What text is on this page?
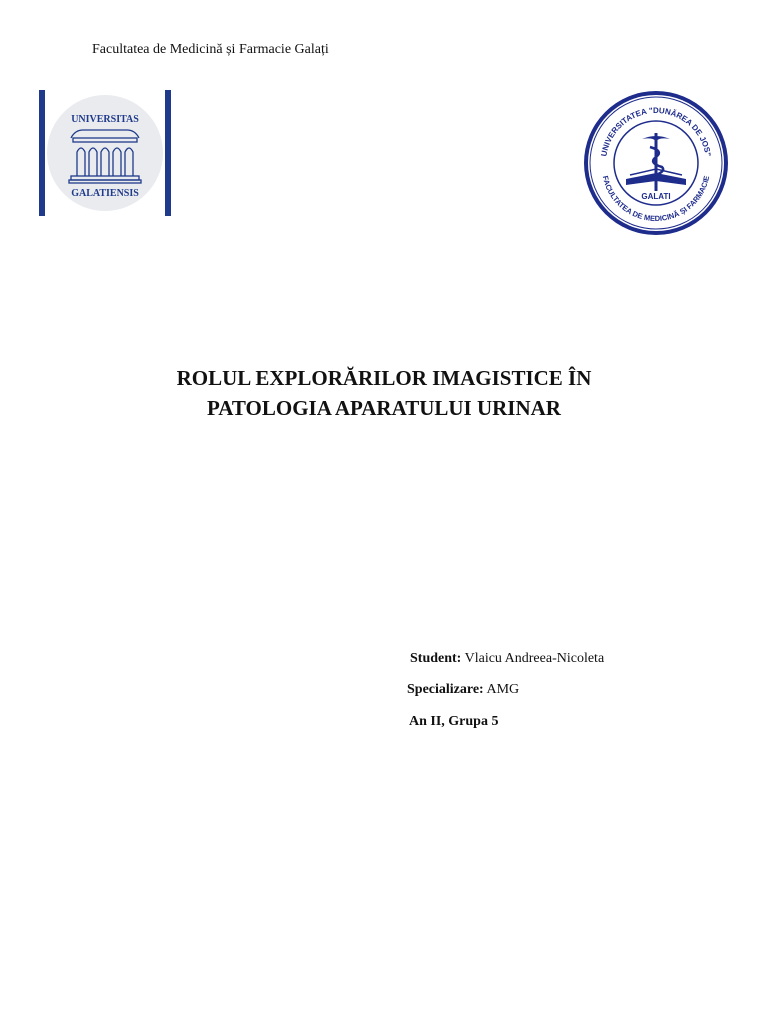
Facultatea de Medicină și Farmacie Galați
UNIVERSITAS
GALATIENSIS
UNIVERSITATEA "DUNĂREA DE JOS"
FACULTATEA DE MEDICINĂ ȘI FARMACIE
GALATI
ROLUL EXPLORĂRILOR IMAGISTICE ÎN
PATOLOGIA APARATULUI URINAR
Student: Vlaicu Andreea-Nicoleta
Specializare: AMG
An II, Grupa 5
